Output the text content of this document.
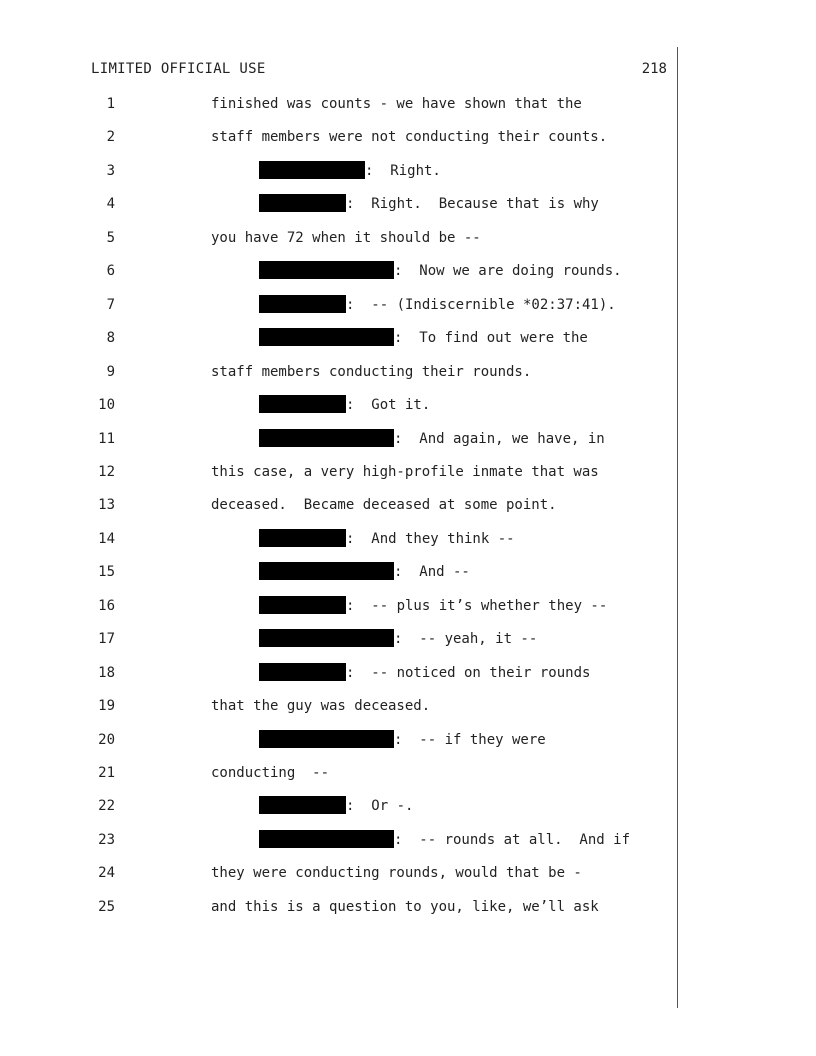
LIMITED OFFICIAL USE	218
1	finished was counts - we have shown that the
2	staff members were not conducting their counts.
3	:  Right.
4	:  Right.  Because that is why
5	you have 72 when it should be --
6	:  Now we are doing rounds.
7	:  -- (Indiscernible *02:37:41).
8	:  To find out were the
9	staff members conducting their rounds.
10	:  Got it.
11	:  And again, we have, in
12	this case, a very high-profile inmate that was
13	deceased.  Became deceased at some point.
14	:  And they think --
15	:  And --
16	:  -- plus it’s whether they --
17	:  -- yeah, it --
18	:  -- noticed on their rounds
19	that the guy was deceased.
20	:  -- if they were
21	conducting  --
22	:  Or -.
23	:  -- rounds at all.  And if
24	they were conducting rounds, would that be -
25	and this is a question to you, like, we’ll ask
